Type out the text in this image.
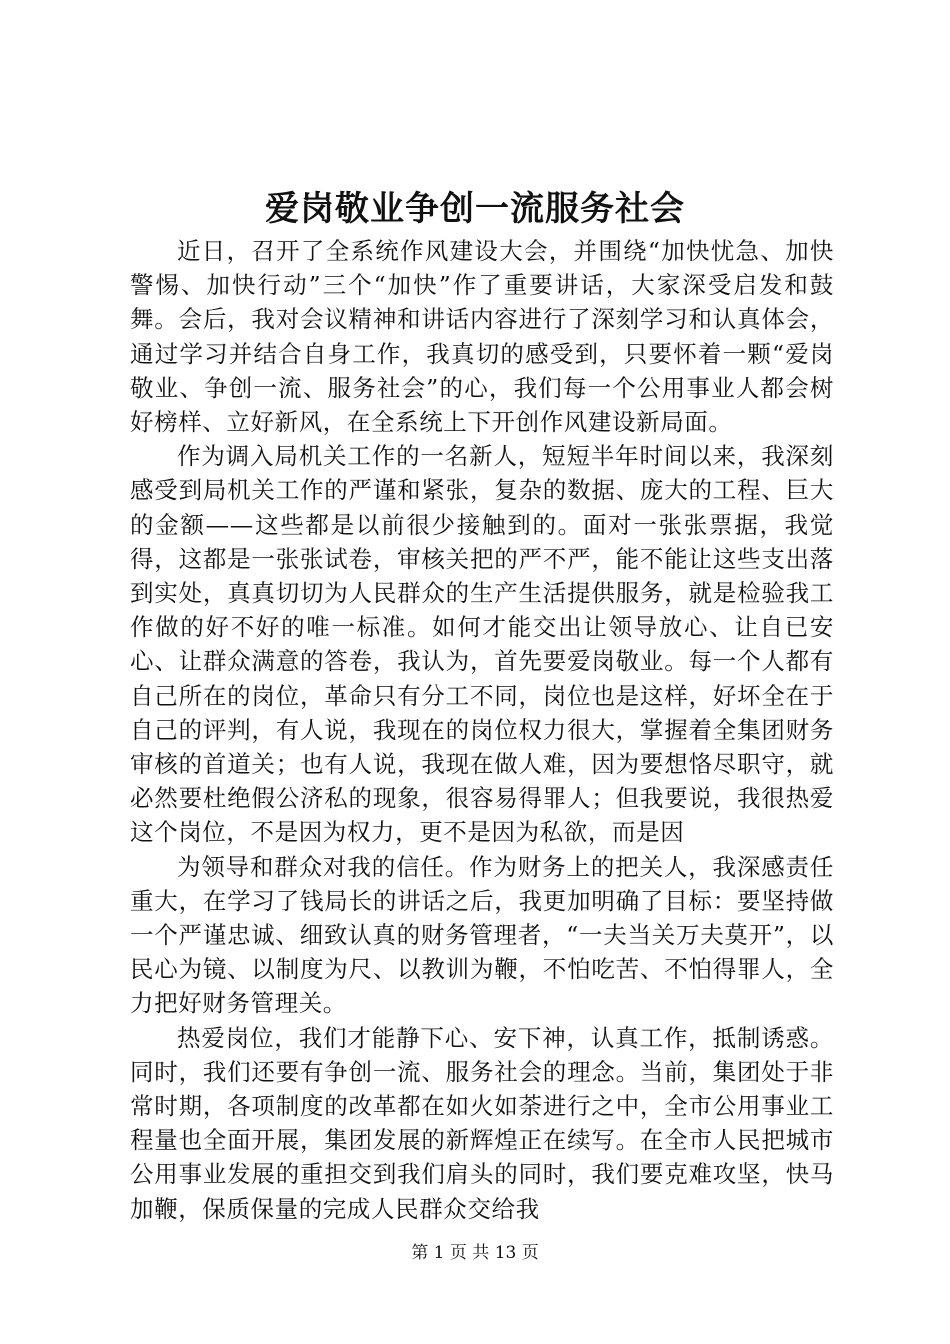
爱岗敬业争创一流服务社会

近日，召开了全系统作风建设大会，并围绕“加快忧急、加快警惕、加快行动”三个“加快”作了重要讲话，大家深受启发和鼓舞。会后，我对会议精神和讲话内容进行了深刻学习和认真体会，通过学习并结合自身工作，我真切的感受到，只要怀着一颗“爱岗敬业、争创一流、服务社会”的心，我们每一个公用事业人都会树好榜样、立好新风，在全系统上下开创作风建设新局面。

作为调入局机关工作的一名新人，短短半年时间以来，我深刻感受到局机关工作的严谨和紧张，复杂的数据、庞大的工程、巨大的金额——这些都是以前很少接触到的。面对一张张票据，我觉得，这都是一张张试卷，审核关把的严不严，能不能让这些支出落到实处，真真切切为人民群众的生产生活提供服务，就是检验我工作做的好不好的唯一标准。如何才能交出让领导放心、让自已安心、让群众满意的答卷，我认为，首先要爱岗敬业。每一个人都有自己所在的岗位，革命只有分工不同，岗位也是这样，好坏全在于自己的评判，有人说，我现在的岗位权力很大，掌握着全集团财务审核的首道关；也有人说，我现在做人难，因为要想恪尽职守，就必然要杜绝假公济私的现象，很容易得罪人；但我要说，我很热爱这个岗位，不是因为权力，更不是因为私欲，而是因

为领导和群众对我的信任。作为财务上的把关人，我深感责任重大，在学习了钱局长的讲话之后，我更加明确了目标：要坚持做一个严谨忠诚、细致认真的财务管理者，“一夫当关万夫莫开”，以民心为镜、以制度为尺、以教训为鞭，不怕吃苦、不怕得罪人，全力把好财务管理关。

热爱岗位，我们才能静下心、安下神，认真工作，抵制诱惑。同时，我们还要有争创一流、服务社会的理念。当前，集团处于非常时期，各项制度的改革都在如火如荼进行之中，全市公用事业工程量也全面开展，集团发展的新辉煌正在续写。在全市人民把城市公用事业发展的重担交到我们肩头的同时，我们要克难攻坚，快马加鞭，保质保量的完成人民群众交给我

第 1 页 共 13 页
